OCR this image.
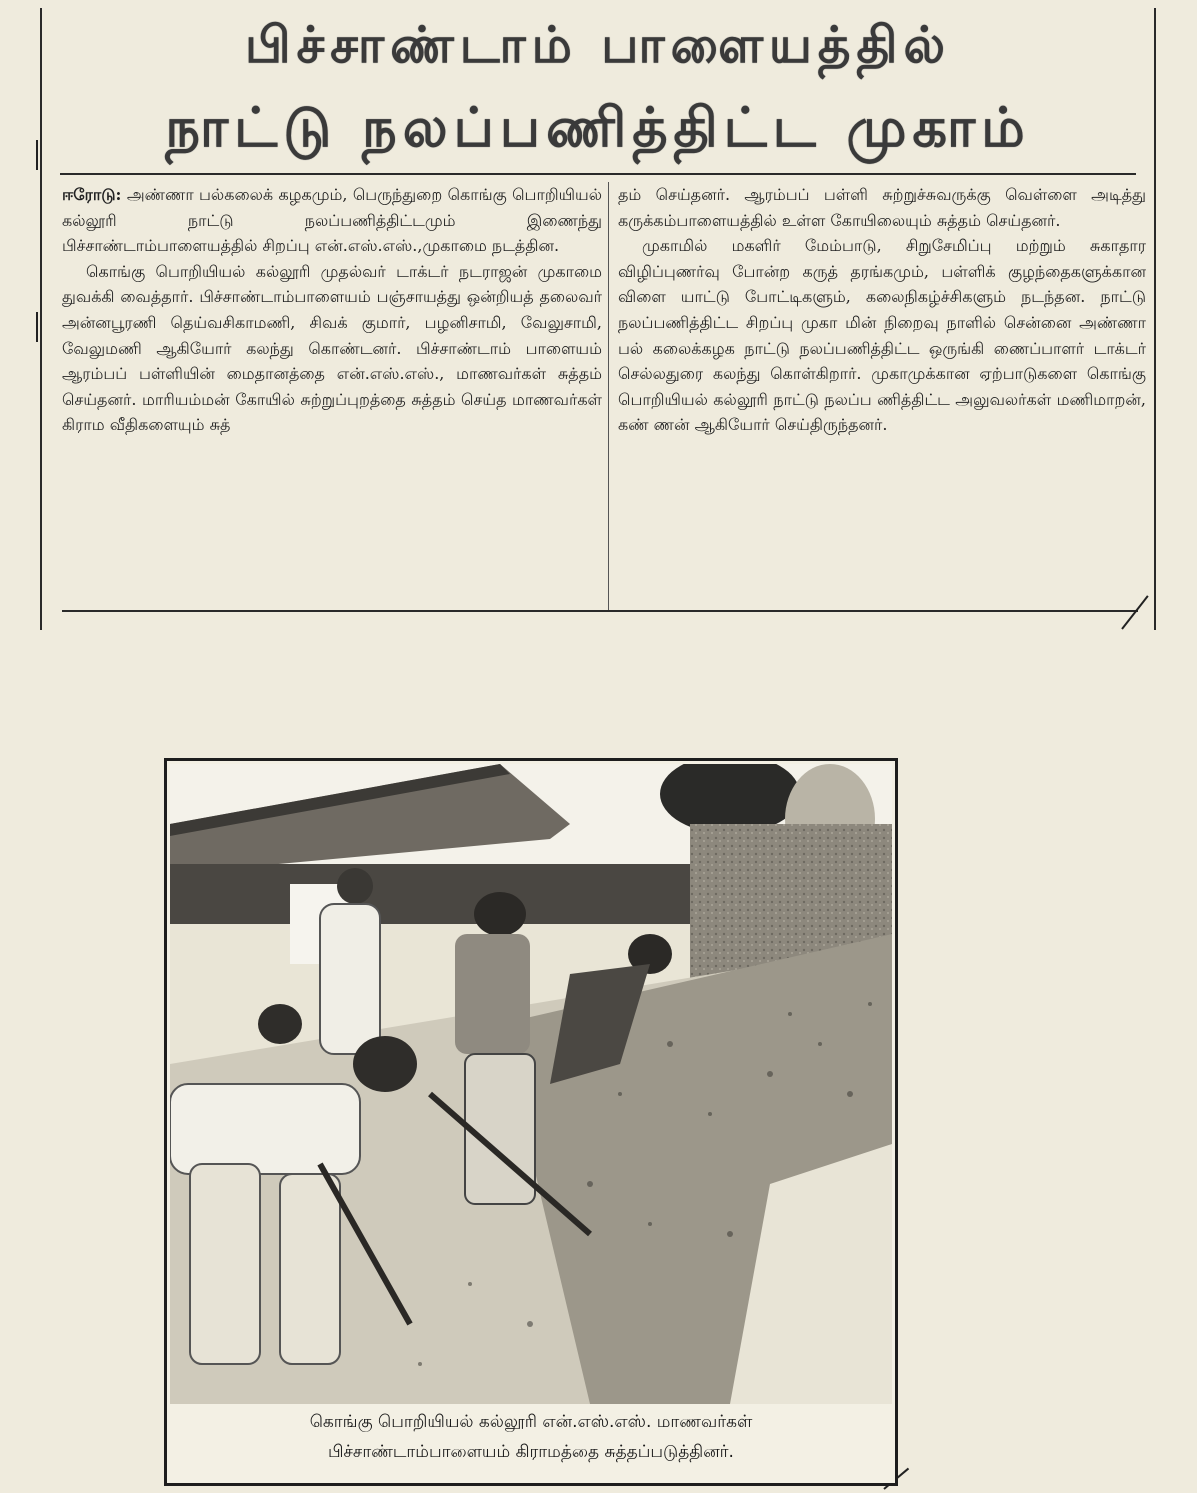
பிச்சாண்டாம் பாளையத்தில்
நாட்டு நலப்பணித்திட்ட முகாம்

ஈரோடு: அண்ணா பல்கலைக் கழகமும், பெருந்துறை கொங்கு பொறியியல் கல்லூரி நாட்டு நலப்பணித்திட்டமும் இணைந்து பிச்சாண்டாம்பாளையத்தில் சிறப்பு என்.எஸ்.எஸ்.,முகாமை நடத்தின.

கொங்கு பொறியியல் கல்லூரி முதல்வர் டாக்டர் நடராஜன் முகாமை துவக்கி வைத்தார். பிச்சாண்டாம்பாளையம் பஞ்சாயத்து ஒன்றியத் தலைவர் அன்னபூரணி தெய்வசிகாமணி, சிவக் குமார், பழனிசாமி, வேலுசாமி, வேலுமணி ஆகியோர் கலந்து கொண்டனர். பிச்சாண்டாம் பாளையம் ஆரம்பப் பள்ளியின் மைதானத்தை என்.எஸ்.எஸ்., மாணவர்கள் சுத்தம் செய்தனர். மாரியம்மன் கோயில் சுற்றுப்புறத்தை சுத்தம் செய்த மாணவர்கள் கிராம வீதிகளையும் சுத்

தம் செய்தனர். ஆரம்பப் பள்ளி சுற்றுச்சுவருக்கு வெள்ளை அடித்து கருக்கம்பாளையத்தில் உள்ள கோயிலையும் சுத்தம் செய்தனர்.

முகாமில் மகளிர் மேம்பாடு, சிறுசேமிப்பு மற்றும் சுகாதார விழிப்புணர்வு போன்ற கருத் தரங்கமும், பள்ளிக் குழந்தைகளுக்கான விளை யாட்டு போட்டிகளும், கலைநிகழ்ச்சிகளும் நடந்தன. நாட்டு நலப்பணித்திட்ட சிறப்பு முகா மின் நிறைவு நாளில் சென்னை அண்ணா பல் கலைக்கழக நாட்டு நலப்பணித்திட்ட ஒருங்கி ணைப்பாளர் டாக்டர் செல்லதுரை கலந்து கொள்கிறார். முகாமுக்கான ஏற்பாடுகளை கொங்கு பொறியியல் கல்லூரி நாட்டு நலப்ப ணித்திட்ட அலுவலர்கள் மணிமாறன், கண் ணன் ஆகியோர் செய்திருந்தனர்.

கொங்கு பொறியியல் கல்லூரி என்.எஸ்.எஸ். மாணவர்கள்
பிச்சாண்டாம்பாளையம் கிராமத்தை சுத்தப்படுத்தினர்.
